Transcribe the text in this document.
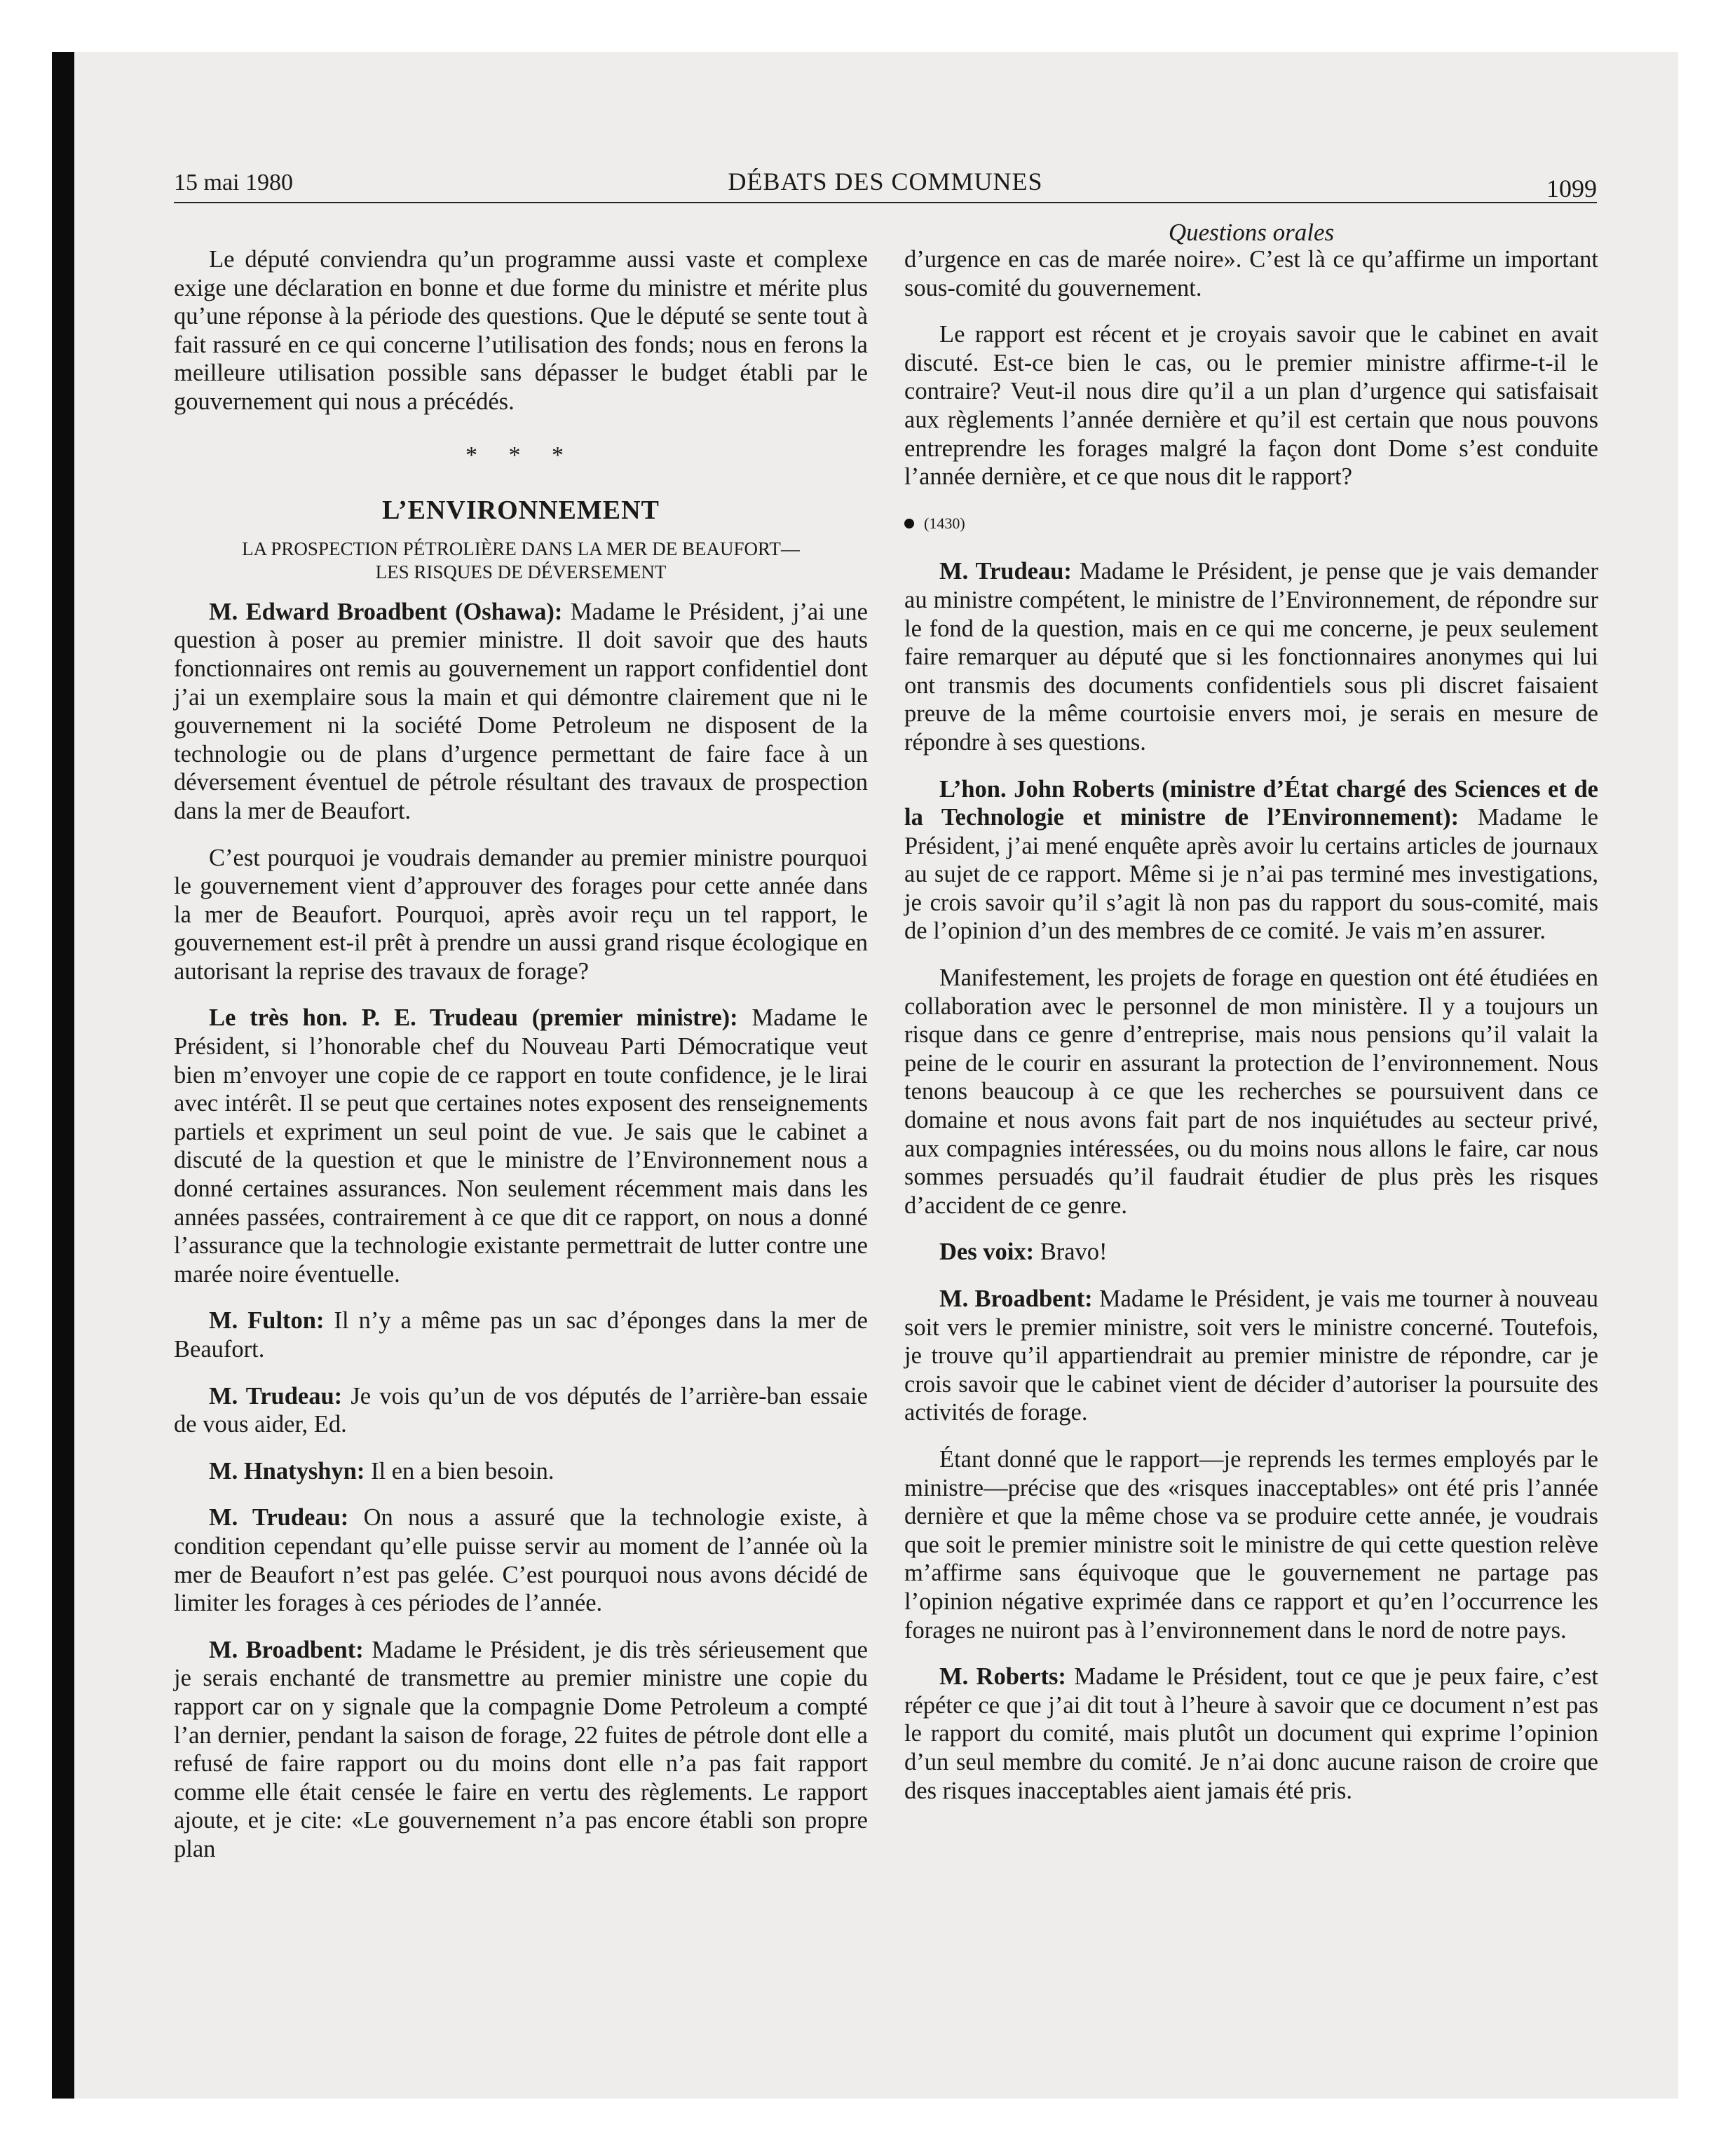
15 mai 1980	DÉBATS DES COMMUNES	1099
Questions orales

Le député conviendra qu’un programme aussi vaste et complexe exige une déclaration en bonne et due forme du ministre et mérite plus qu’une réponse à la période des questions. Que le député se sente tout à fait rassuré en ce qui concerne l’utilisation des fonds; nous en ferons la meilleure utilisation possible sans dépasser le budget établi par le gouvernement qui nous a précédés.

* * *
L’ENVIRONNEMENT
LA PROSPECTION PÉTROLIÈRE DANS LA MER DE BEAUFORT—
LES RISQUES DE DÉVERSEMENT

M. Edward Broadbent (Oshawa): Madame le Président, j’ai une question à poser au premier ministre. Il doit savoir que des hauts fonctionnaires ont remis au gouvernement un rapport confidentiel dont j’ai un exemplaire sous la main et qui démontre clairement que ni le gouvernement ni la société Dome Petroleum ne disposent de la technologie ou de plans d’urgence permettant de faire face à un déversement éventuel de pétrole résultant des travaux de prospection dans la mer de Beaufort.

C’est pourquoi je voudrais demander au premier ministre pourquoi le gouvernement vient d’approuver des forages pour cette année dans la mer de Beaufort. Pourquoi, après avoir reçu un tel rapport, le gouvernement est-il prêt à prendre un aussi grand risque écologique en autorisant la reprise des travaux de forage?

Le très hon. P. E. Trudeau (premier ministre): Madame le Président, si l’honorable chef du Nouveau Parti Démocratique veut bien m’envoyer une copie de ce rapport en toute confidence, je le lirai avec intérêt. Il se peut que certaines notes exposent des renseignements partiels et expriment un seul point de vue. Je sais que le cabinet a discuté de la question et que le ministre de l’Environnement nous a donné certaines assurances. Non seulement récemment mais dans les années passées, contrairement à ce que dit ce rapport, on nous a donné l’assurance que la technologie existante permettrait de lutter contre une marée noire éventuelle.

M. Fulton: Il n’y a même pas un sac d’éponges dans la mer de Beaufort.

M. Trudeau: Je vois qu’un de vos députés de l’arrière-ban essaie de vous aider, Ed.

M. Hnatyshyn: Il en a bien besoin.

M. Trudeau: On nous a assuré que la technologie existe, à condition cependant qu’elle puisse servir au moment de l’année où la mer de Beaufort n’est pas gelée. C’est pourquoi nous avons décidé de limiter les forages à ces périodes de l’année.

M. Broadbent: Madame le Président, je dis très sérieusement que je serais enchanté de transmettre au premier ministre une copie du rapport car on y signale que la compagnie Dome Petroleum a compté l’an dernier, pendant la saison de forage, 22 fuites de pétrole dont elle a refusé de faire rapport ou du moins dont elle n’a pas fait rapport comme elle était censée le faire en vertu des règlements. Le rapport ajoute, et je cite: «Le gouvernement n’a pas encore établi son propre plan

d’urgence en cas de marée noire». C’est là ce qu’affirme un important sous-comité du gouvernement.

Le rapport est récent et je croyais savoir que le cabinet en avait discuté. Est-ce bien le cas, ou le premier ministre affirme-t-il le contraire? Veut-il nous dire qu’il a un plan d’urgence qui satisfaisait aux règlements l’année dernière et qu’il est certain que nous pouvons entreprendre les forages malgré la façon dont Dome s’est conduite l’année dernière, et ce que nous dit le rapport?

(1430)

M. Trudeau: Madame le Président, je pense que je vais demander au ministre compétent, le ministre de l’Environnement, de répondre sur le fond de la question, mais en ce qui me concerne, je peux seulement faire remarquer au député que si les fonctionnaires anonymes qui lui ont transmis des documents confidentiels sous pli discret faisaient preuve de la même courtoisie envers moi, je serais en mesure de répondre à ses questions.

L’hon. John Roberts (ministre d’État chargé des Sciences et de la Technologie et ministre de l’Environnement): Madame le Président, j’ai mené enquête après avoir lu certains articles de journaux au sujet de ce rapport. Même si je n’ai pas terminé mes investigations, je crois savoir qu’il s’agit là non pas du rapport du sous-comité, mais de l’opinion d’un des membres de ce comité. Je vais m’en assurer.

Manifestement, les projets de forage en question ont été étudiées en collaboration avec le personnel de mon ministère. Il y a toujours un risque dans ce genre d’entreprise, mais nous pensions qu’il valait la peine de le courir en assurant la protection de l’environnement. Nous tenons beaucoup à ce que les recherches se poursuivent dans ce domaine et nous avons fait part de nos inquiétudes au secteur privé, aux compagnies intéressées, ou du moins nous allons le faire, car nous sommes persuadés qu’il faudrait étudier de plus près les risques d’accident de ce genre.

Des voix: Bravo!

M. Broadbent: Madame le Président, je vais me tourner à nouveau soit vers le premier ministre, soit vers le ministre concerné. Toutefois, je trouve qu’il appartiendrait au premier ministre de répondre, car je crois savoir que le cabinet vient de décider d’autoriser la poursuite des activités de forage.

Étant donné que le rapport—je reprends les termes employés par le ministre—précise que des «risques inacceptables» ont été pris l’année dernière et que la même chose va se produire cette année, je voudrais que soit le premier ministre soit le ministre de qui cette question relève m’affirme sans équivoque que le gouvernement ne partage pas l’opinion négative exprimée dans ce rapport et qu’en l’occurrence les forages ne nuiront pas à l’environnement dans le nord de notre pays.

M. Roberts: Madame le Président, tout ce que je peux faire, c’est répéter ce que j’ai dit tout à l’heure à savoir que ce document n’est pas le rapport du comité, mais plutôt un document qui exprime l’opinion d’un seul membre du comité. Je n’ai donc aucune raison de croire que des risques inacceptables aient jamais été pris.
